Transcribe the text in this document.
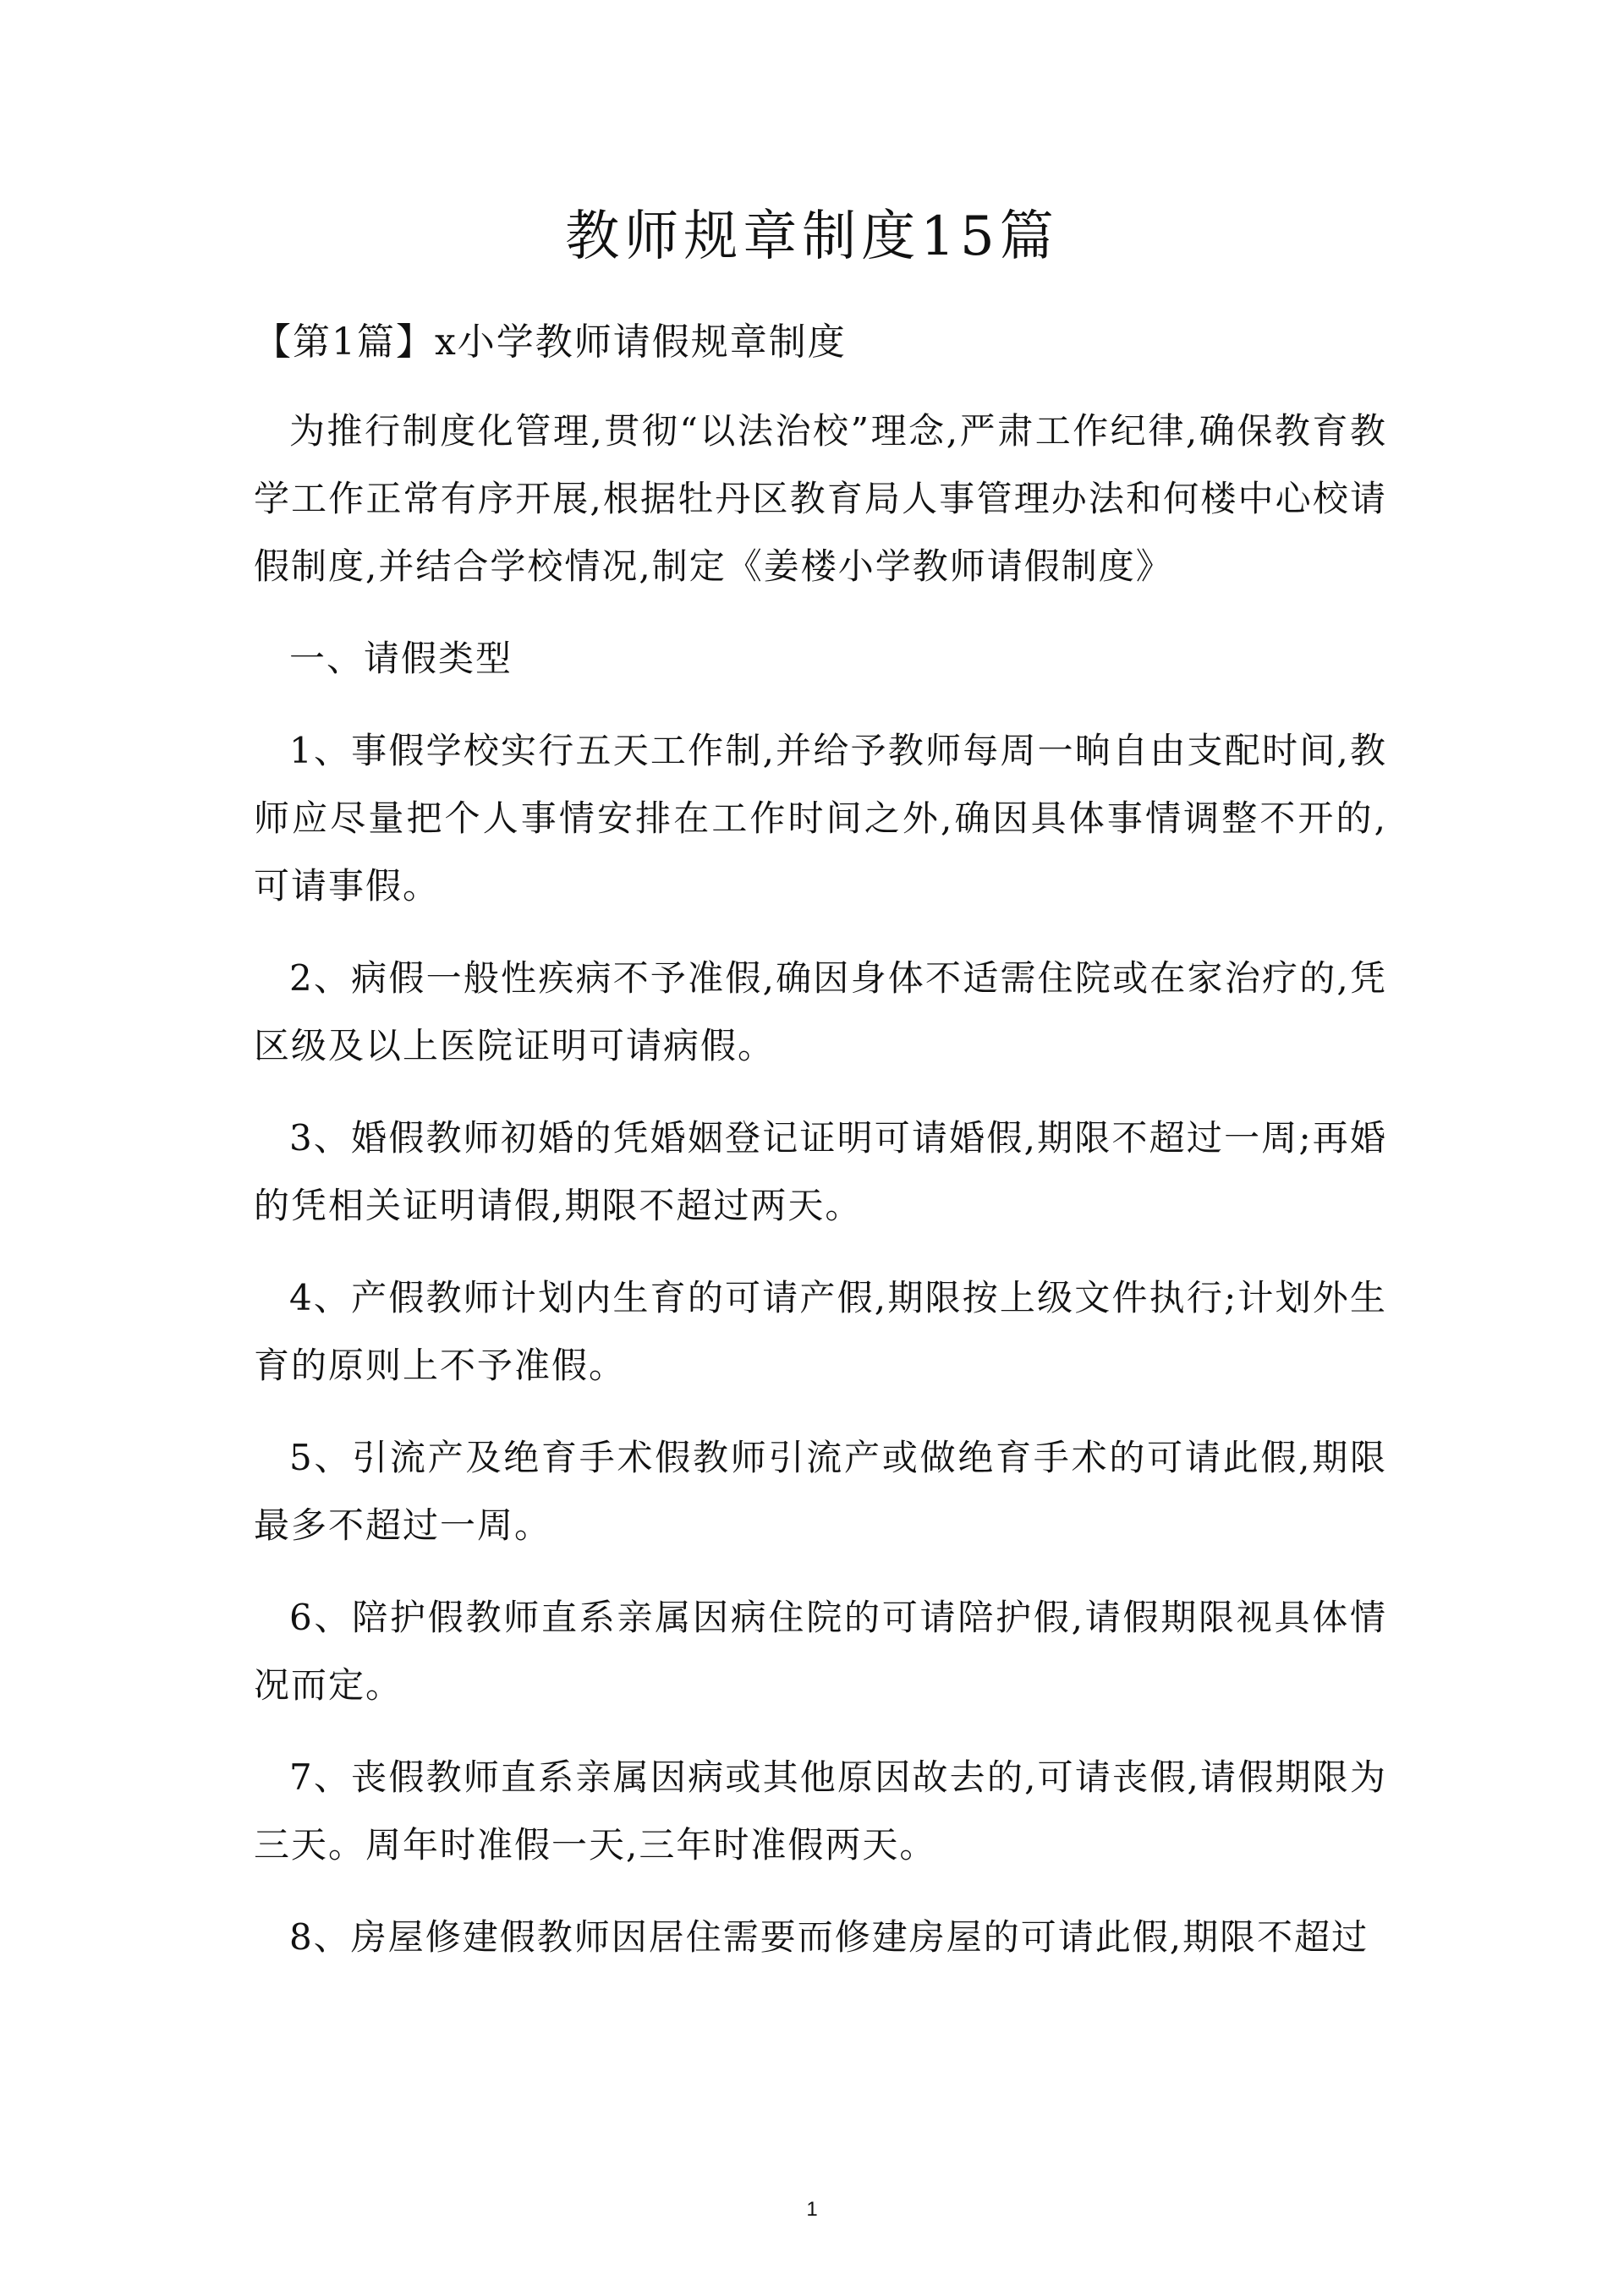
教师规章制度15篇
【第1篇】x小学教师请假规章制度

为推行制度化管理,贯彻“以法治校”理念,严肃工作纪律,确保教育教学工作正常有序开展,根据牡丹区教育局人事管理办法和何楼中心校请假制度,并结合学校情况,制定《姜楼小学教师请假制度》

一、请假类型

1、事假学校实行五天工作制,并给予教师每周一晌自由支配时间,教师应尽量把个人事情安排在工作时间之外,确因具体事情调整不开的,可请事假。

2、病假一般性疾病不予准假,确因身体不适需住院或在家治疗的,凭区级及以上医院证明可请病假。

3、婚假教师初婚的凭婚姻登记证明可请婚假,期限不超过一周;再婚的凭相关证明请假,期限不超过两天。

4、产假教师计划内生育的可请产假,期限按上级文件执行;计划外生育的原则上不予准假。

5、引流产及绝育手术假教师引流产或做绝育手术的可请此假,期限最多不超过一周。

6、陪护假教师直系亲属因病住院的可请陪护假,请假期限视具体情况而定。

7、丧假教师直系亲属因病或其他原因故去的,可请丧假,请假期限为三天。周年时准假一天,三年时准假两天。

8、房屋修建假教师因居住需要而修建房屋的可请此假,期限不超过

1
